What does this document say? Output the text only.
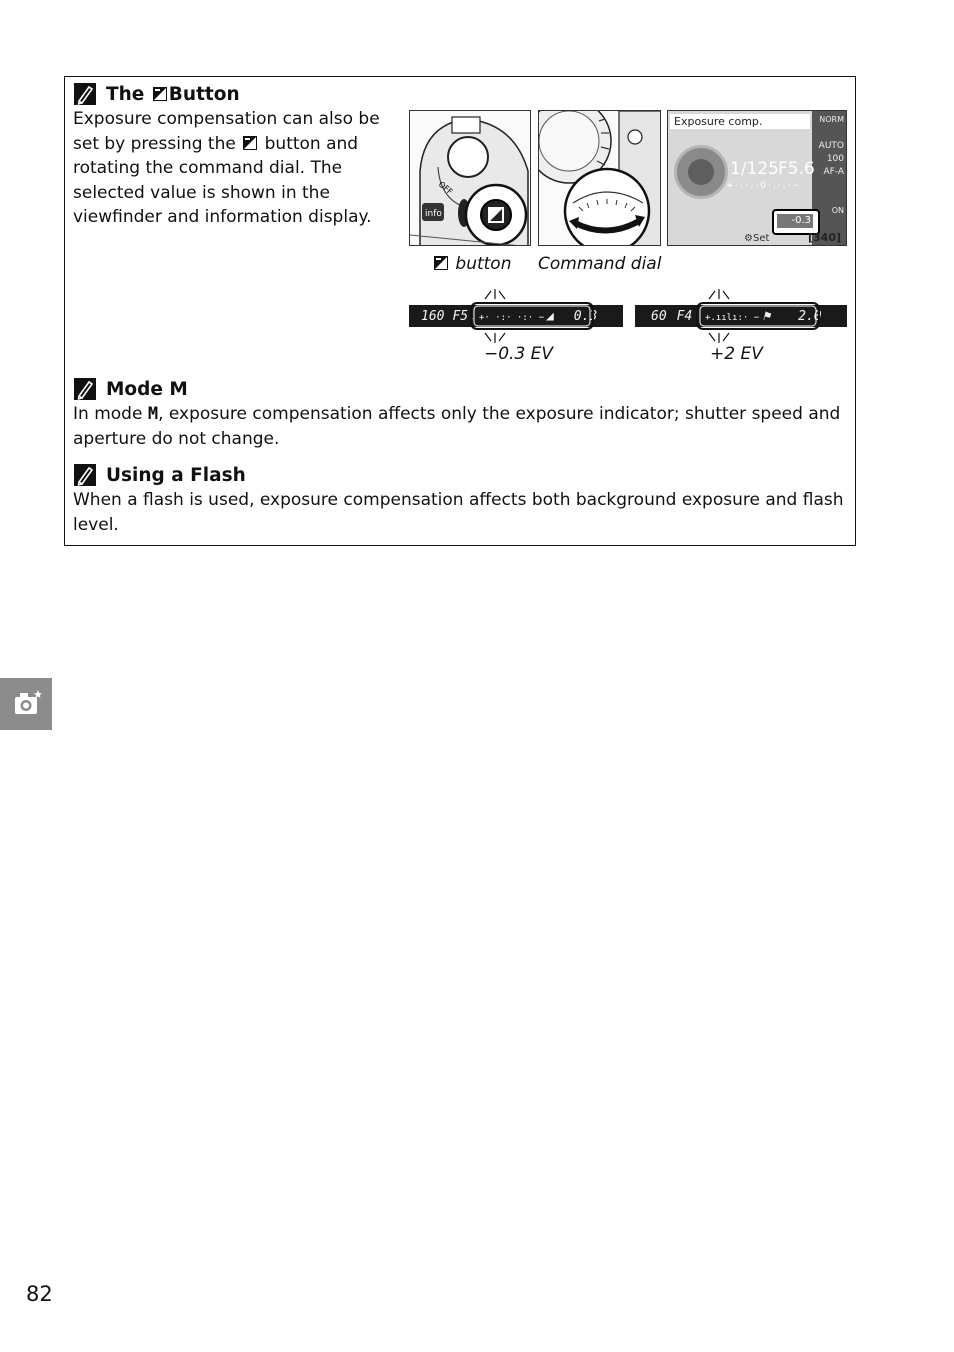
The Button
Exposure compensation can also be
set by pressing the button and
rotating the command dial. The
selected value is shown in the
viewfinder and information display.
OFF
info
Exposure comp.	NORM
AUTO
100
AF-A
ON
1/125 F5.6
+·:·:·0·:·:·−
-0.3
⚙Set	[340]
button Command dial
160 F5.	◢ 0.3
+· ·:· ·:· −
−0.3 EV
60 F4	⚑ 2.0
+.ıılı:· −
+2 EV
Mode M
In mode M, exposure compensation affects only the exposure indicator; shutter speed and
aperture do not change.
Using a Flash
When a flash is used, exposure compensation affects both background exposure and flash
level.
82
